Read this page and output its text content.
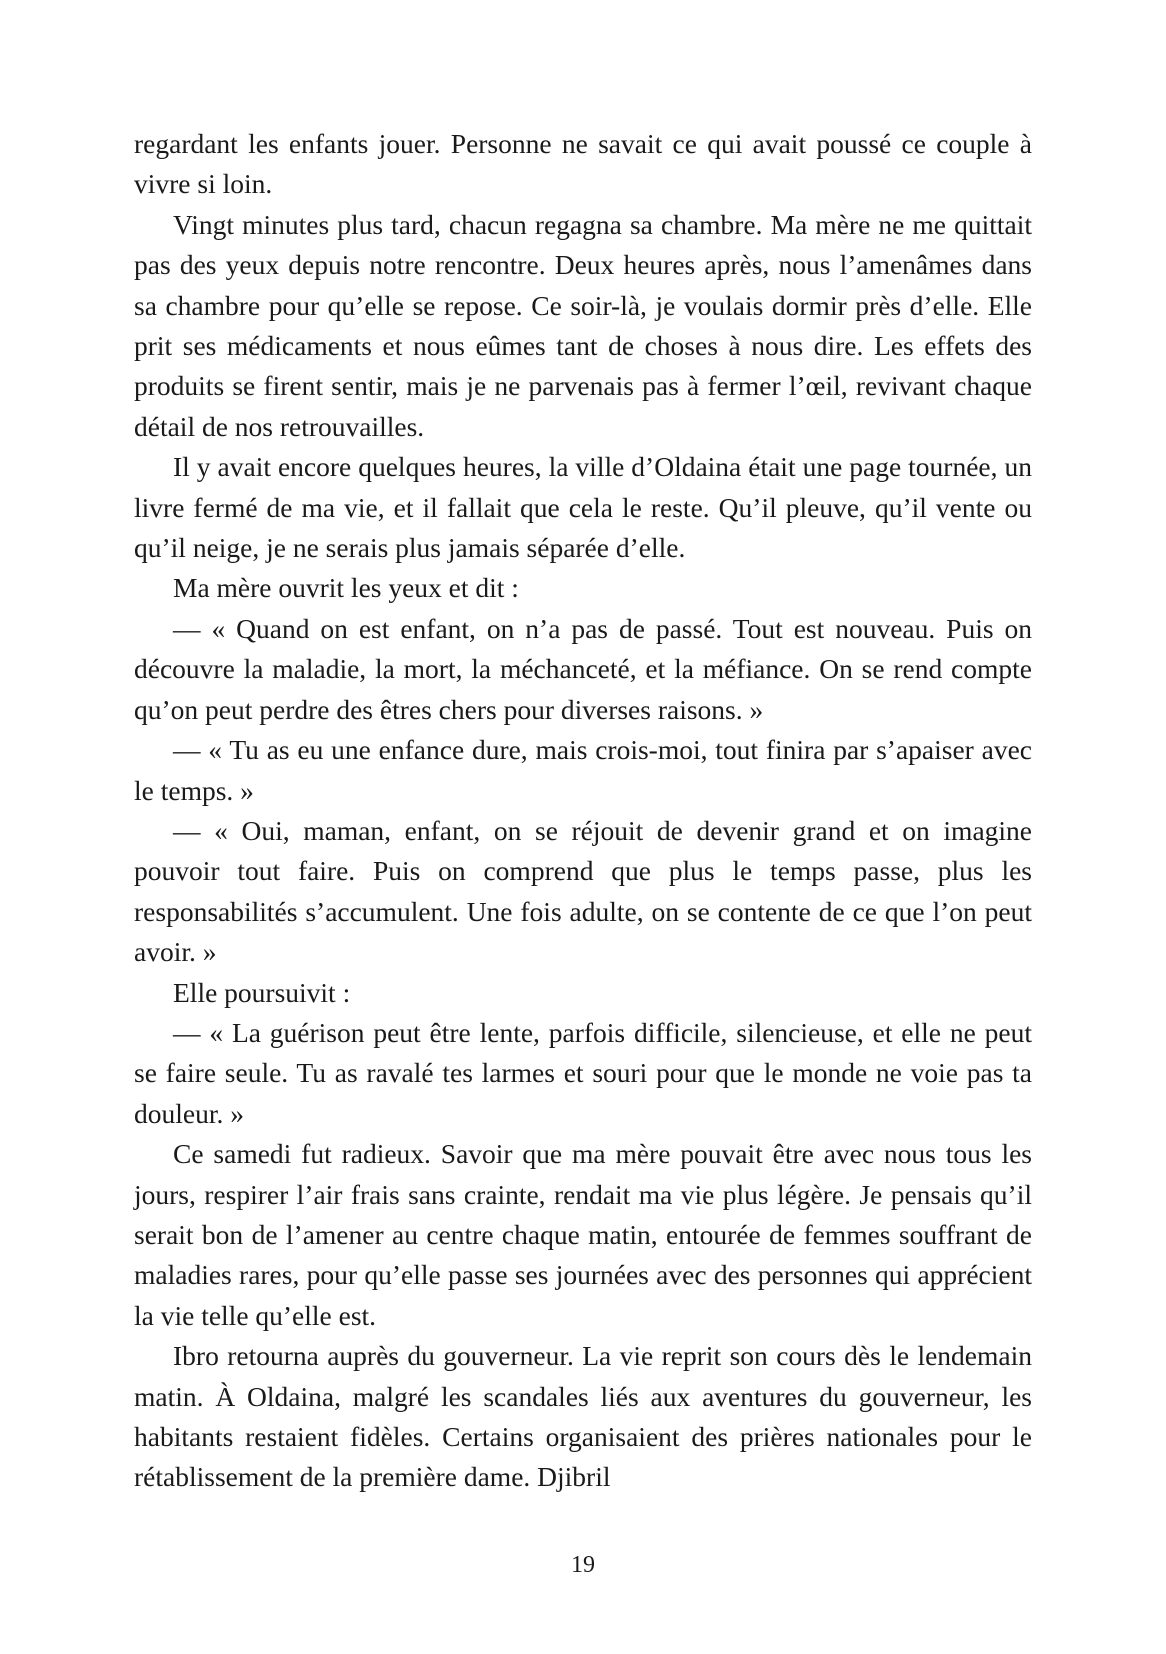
regardant les enfants jouer. Personne ne savait ce qui avait poussé ce couple à vivre si loin.

Vingt minutes plus tard, chacun regagna sa chambre. Ma mère ne me quittait pas des yeux depuis notre rencontre. Deux heures après, nous l’amenâmes dans sa chambre pour qu’elle se repose. Ce soir-là, je voulais dormir près d’elle. Elle prit ses médicaments et nous eûmes tant de choses à nous dire. Les effets des produits se firent sentir, mais je ne parvenais pas à fermer l’œil, revivant chaque détail de nos retrouvailles.

Il y avait encore quelques heures, la ville d’Oldaina était une page tournée, un livre fermé de ma vie, et il fallait que cela le reste. Qu’il pleuve, qu’il vente ou qu’il neige, je ne serais plus jamais séparée d’elle.

Ma mère ouvrit les yeux et dit :

— « Quand on est enfant, on n’a pas de passé. Tout est nouveau. Puis on découvre la maladie, la mort, la méchanceté, et la méfiance. On se rend compte qu’on peut perdre des êtres chers pour diverses raisons. »

— « Tu as eu une enfance dure, mais crois-moi, tout finira par s’apaiser avec le temps. »

— « Oui, maman, enfant, on se réjouit de devenir grand et on imagine pouvoir tout faire. Puis on comprend que plus le temps passe, plus les responsabilités s’accumulent. Une fois adulte, on se contente de ce que l’on peut avoir. »

Elle poursuivit :

— « La guérison peut être lente, parfois difficile, silencieuse, et elle ne peut se faire seule. Tu as ravalé tes larmes et souri pour que le monde ne voie pas ta douleur. »

Ce samedi fut radieux. Savoir que ma mère pouvait être avec nous tous les jours, respirer l’air frais sans crainte, rendait ma vie plus légère. Je pensais qu’il serait bon de l’amener au centre chaque matin, entourée de femmes souffrant de maladies rares, pour qu’elle passe ses journées avec des personnes qui apprécient la vie telle qu’elle est.

Ibro retourna auprès du gouverneur. La vie reprit son cours dès le lendemain matin. À Oldaina, malgré les scandales liés aux aventures du gouverneur, les habitants restaient fidèles. Certains organisaient des prières nationales pour le rétablissement de la première dame. Djibril

19
